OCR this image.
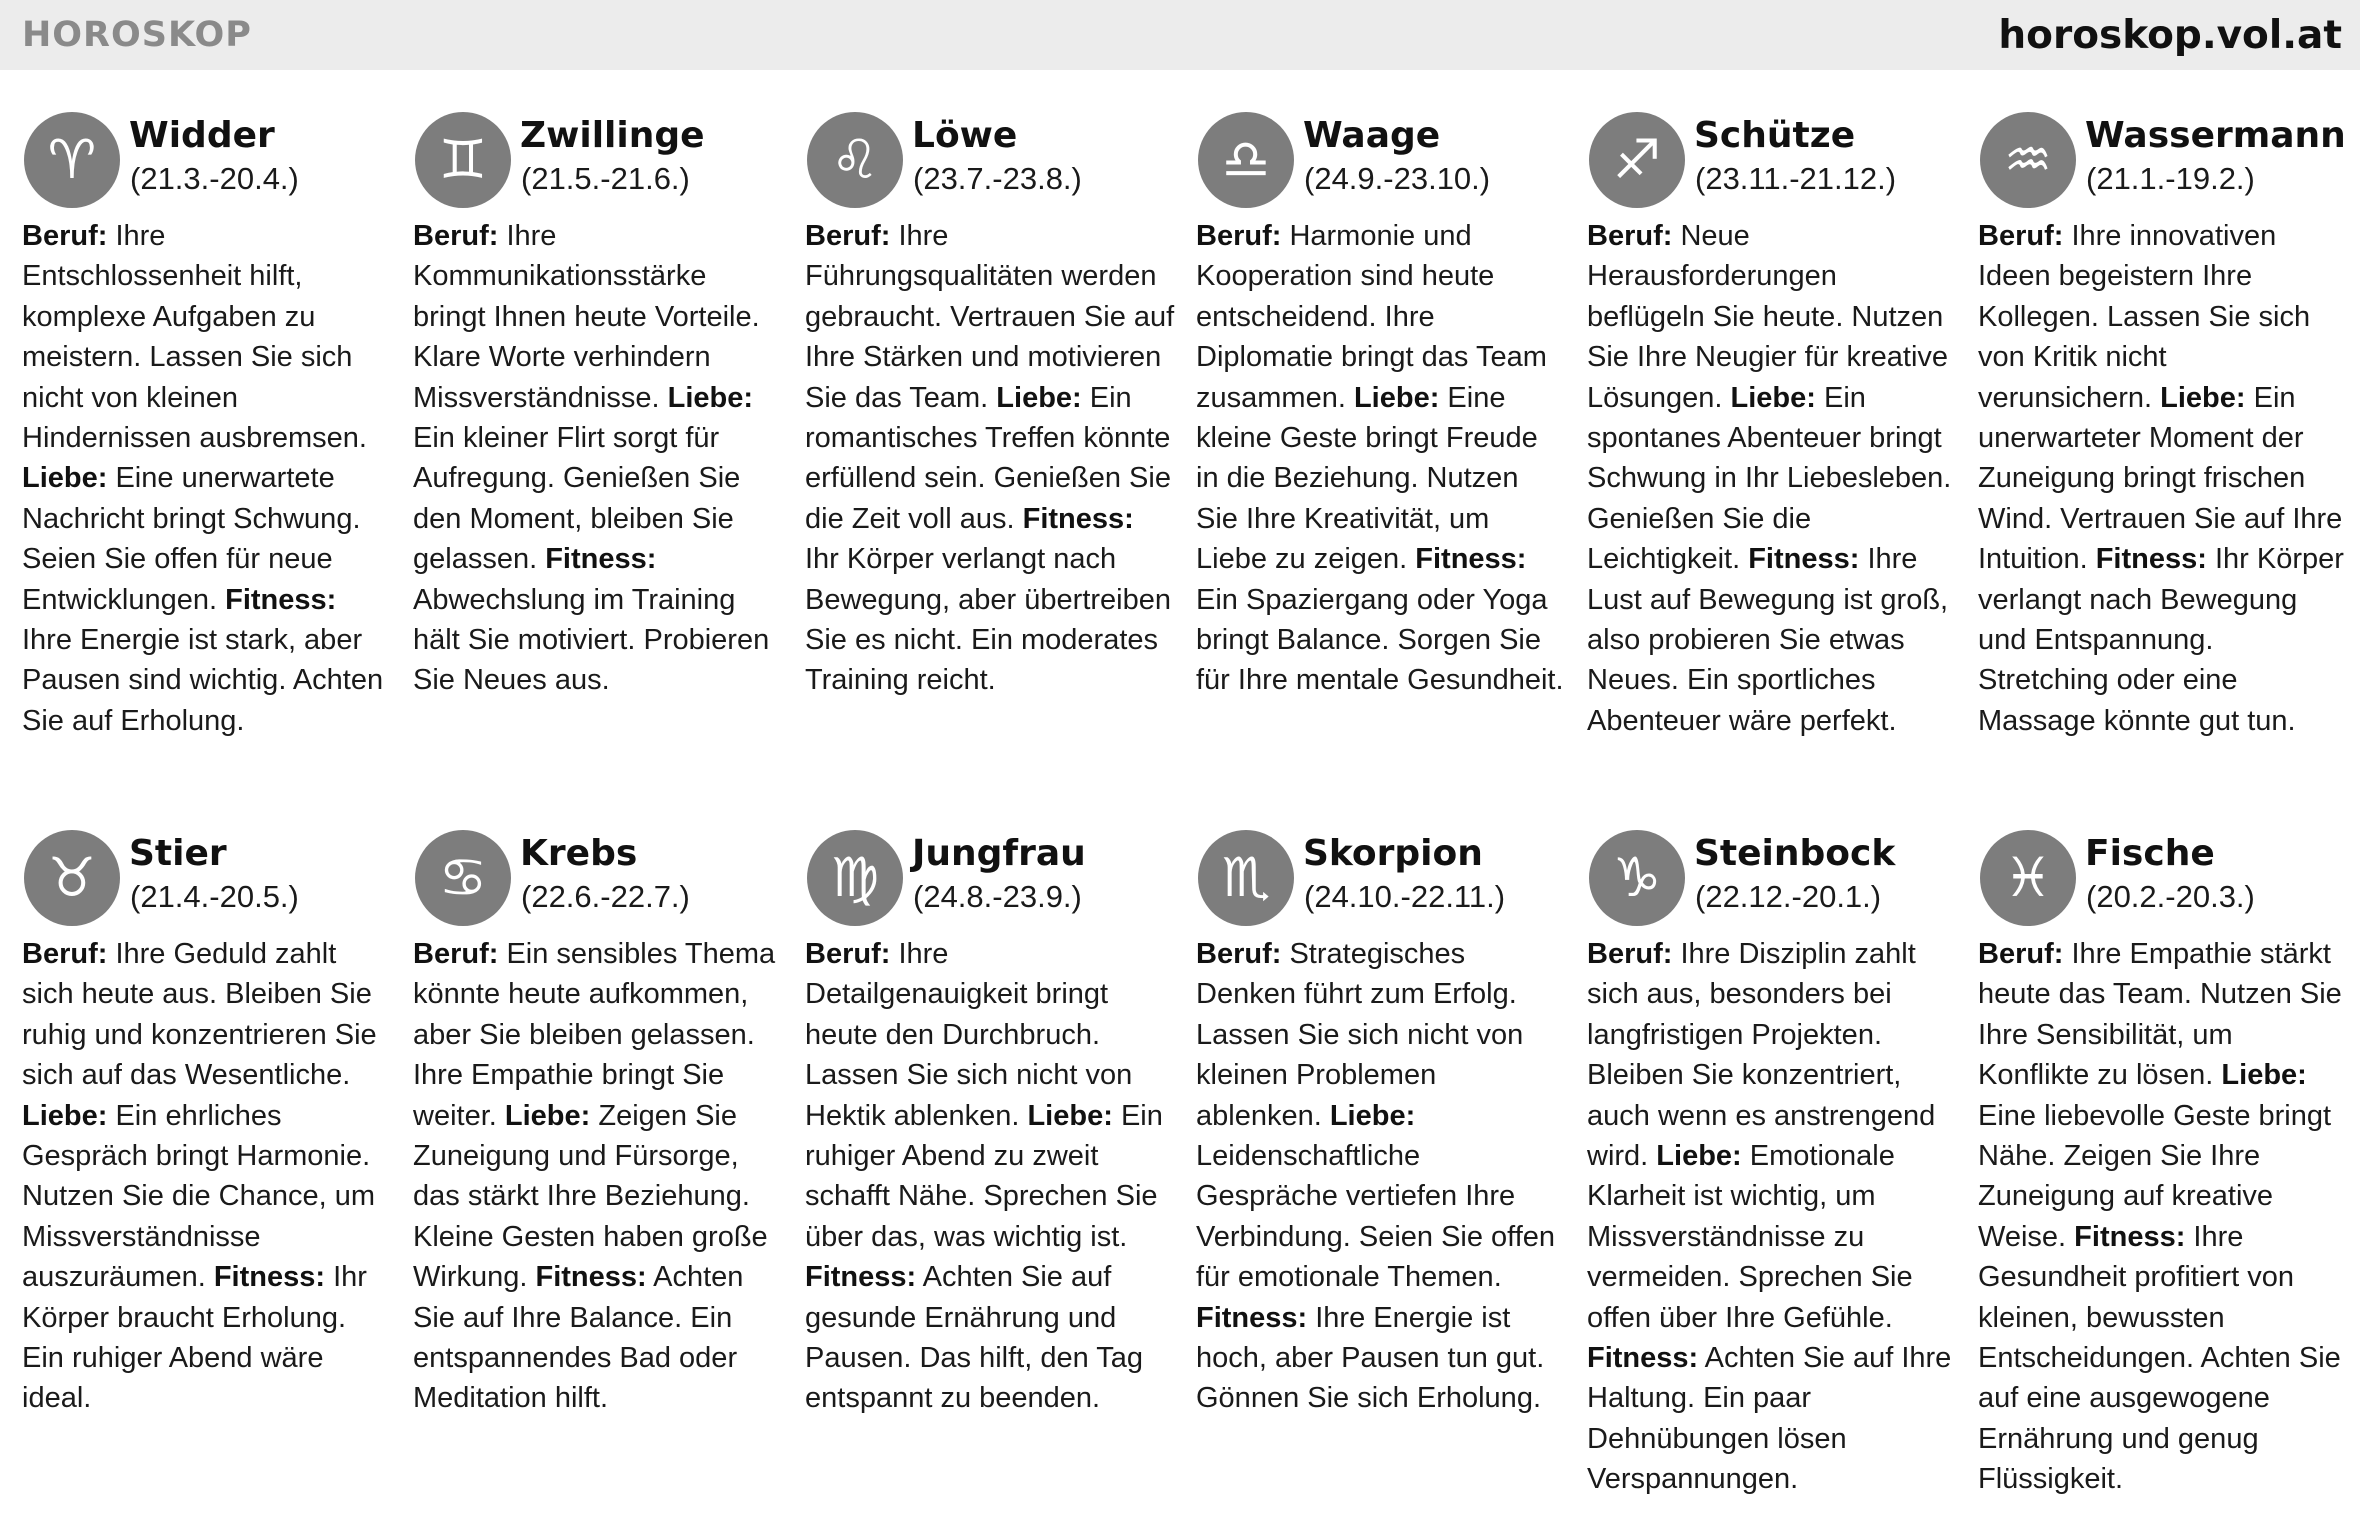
HOROSKOP	horoskop.vol.at
♈ Widder
(21.3.-20.4.)
Beruf: Ihre Entschlossenheit hilft, komplexe Aufgaben zu meistern. Lassen Sie sich nicht von kleinen Hindernissen ausbremsen. Liebe: Eine unerwartete Nachricht bringt Schwung. Seien Sie offen für neue Entwicklungen. Fitness: Ihre Energie ist stark, aber Pausen sind wichtig. Achten Sie auf Erholung.
♊ Zwillinge
(21.5.-21.6.)
Beruf: Ihre Kommunikationsstärke bringt Ihnen heute Vorteile. Klare Worte verhindern Missverständnisse. Liebe: Ein kleiner Flirt sorgt für Aufregung. Genießen Sie den Moment, bleiben Sie gelassen. Fitness: Abwechslung im Training hält Sie motiviert. Probieren Sie Neues aus.
♌ Löwe
(23.7.-23.8.)
Beruf: Ihre Führungsqualitäten werden gebraucht. Vertrauen Sie auf Ihre Stärken und motivieren Sie das Team. Liebe: Ein romantisches Treffen könnte erfüllend sein. Genießen Sie die Zeit voll aus. Fitness: Ihr Körper verlangt nach Bewegung, aber übertreiben Sie es nicht. Ein moderates Training reicht.
♎ Waage
(24.9.-23.10.)
Beruf: Harmonie und Kooperation sind heute entscheidend. Ihre Diplomatie bringt das Team zusammen. Liebe: Eine kleine Geste bringt Freude in die Beziehung. Nutzen Sie Ihre Kreativität, um Liebe zu zeigen. Fitness: Ein Spaziergang oder Yoga bringt Balance. Sorgen Sie für Ihre mentale Gesundheit.
♐ Schütze
(23.11.-21.12.)
Beruf: Neue Herausforderungen beflügeln Sie heute. Nutzen Sie Ihre Neugier für kreative Lösungen. Liebe: Ein spontanes Abenteuer bringt Schwung in Ihr Liebesleben. Genießen Sie die Leichtigkeit. Fitness: Ihre Lust auf Bewegung ist groß, also probieren Sie etwas Neues. Ein sportliches Abenteuer wäre perfekt.
♒ Wassermann
(21.1.-19.2.)
Beruf: Ihre innovativen Ideen begeistern Ihre Kollegen. Lassen Sie sich von Kritik nicht verunsichern. Liebe: Ein unerwarteter Moment der Zuneigung bringt frischen Wind. Vertrauen Sie auf Ihre Intuition. Fitness: Ihr Körper verlangt nach Bewegung und Entspannung. Stretching oder eine Massage könnte gut tun.
♉ Stier
(21.4.-20.5.)
Beruf: Ihre Geduld zahlt sich heute aus. Bleiben Sie ruhig und konzentrieren Sie sich auf das Wesentliche. Liebe: Ein ehrliches Gespräch bringt Harmonie. Nutzen Sie die Chance, um Missverständnisse auszuräumen. Fitness: Ihr Körper braucht Erholung. Ein ruhiger Abend wäre ideal.
♋ Krebs
(22.6.-22.7.)
Beruf: Ein sensibles Thema könnte heute aufkommen, aber Sie bleiben gelassen. Ihre Empathie bringt Sie weiter. Liebe: Zeigen Sie Zuneigung und Fürsorge, das stärkt Ihre Beziehung. Kleine Gesten haben große Wirkung. Fitness: Achten Sie auf Ihre Balance. Ein entspannendes Bad oder Meditation hilft.
♍ Jungfrau
(24.8.-23.9.)
Beruf: Ihre Detailgenauigkeit bringt heute den Durchbruch. Lassen Sie sich nicht von Hektik ablenken. Liebe: Ein ruhiger Abend zu zweit schafft Nähe. Sprechen Sie über das, was wichtig ist. Fitness: Achten Sie auf gesunde Ernährung und Pausen. Das hilft, den Tag entspannt zu beenden.
♏ Skorpion
(24.10.-22.11.)
Beruf: Strategisches Denken führt zum Erfolg. Lassen Sie sich nicht von kleinen Problemen ablenken. Liebe: Leidenschaftliche Gespräche vertiefen Ihre Verbindung. Seien Sie offen für emotionale Themen. Fitness: Ihre Energie ist hoch, aber Pausen tun gut. Gönnen Sie sich Erholung.
♑ Steinbock
(22.12.-20.1.)
Beruf: Ihre Disziplin zahlt sich aus, besonders bei langfristigen Projekten. Bleiben Sie konzentriert, auch wenn es anstrengend wird. Liebe: Emotionale Klarheit ist wichtig, um Missverständnisse zu vermeiden. Sprechen Sie offen über Ihre Gefühle. Fitness: Achten Sie auf Ihre Haltung. Ein paar Dehnübungen lösen Verspannungen.
♓ Fische
(20.2.-20.3.)
Beruf: Ihre Empathie stärkt heute das Team. Nutzen Sie Ihre Sensibilität, um Konflikte zu lösen. Liebe: Eine liebevolle Geste bringt Nähe. Zeigen Sie Ihre Zuneigung auf kreative Weise. Fitness: Ihre Gesundheit profitiert von kleinen, bewussten Entscheidungen. Achten Sie auf eine ausgewogene Ernährung und genug Flüssigkeit.
